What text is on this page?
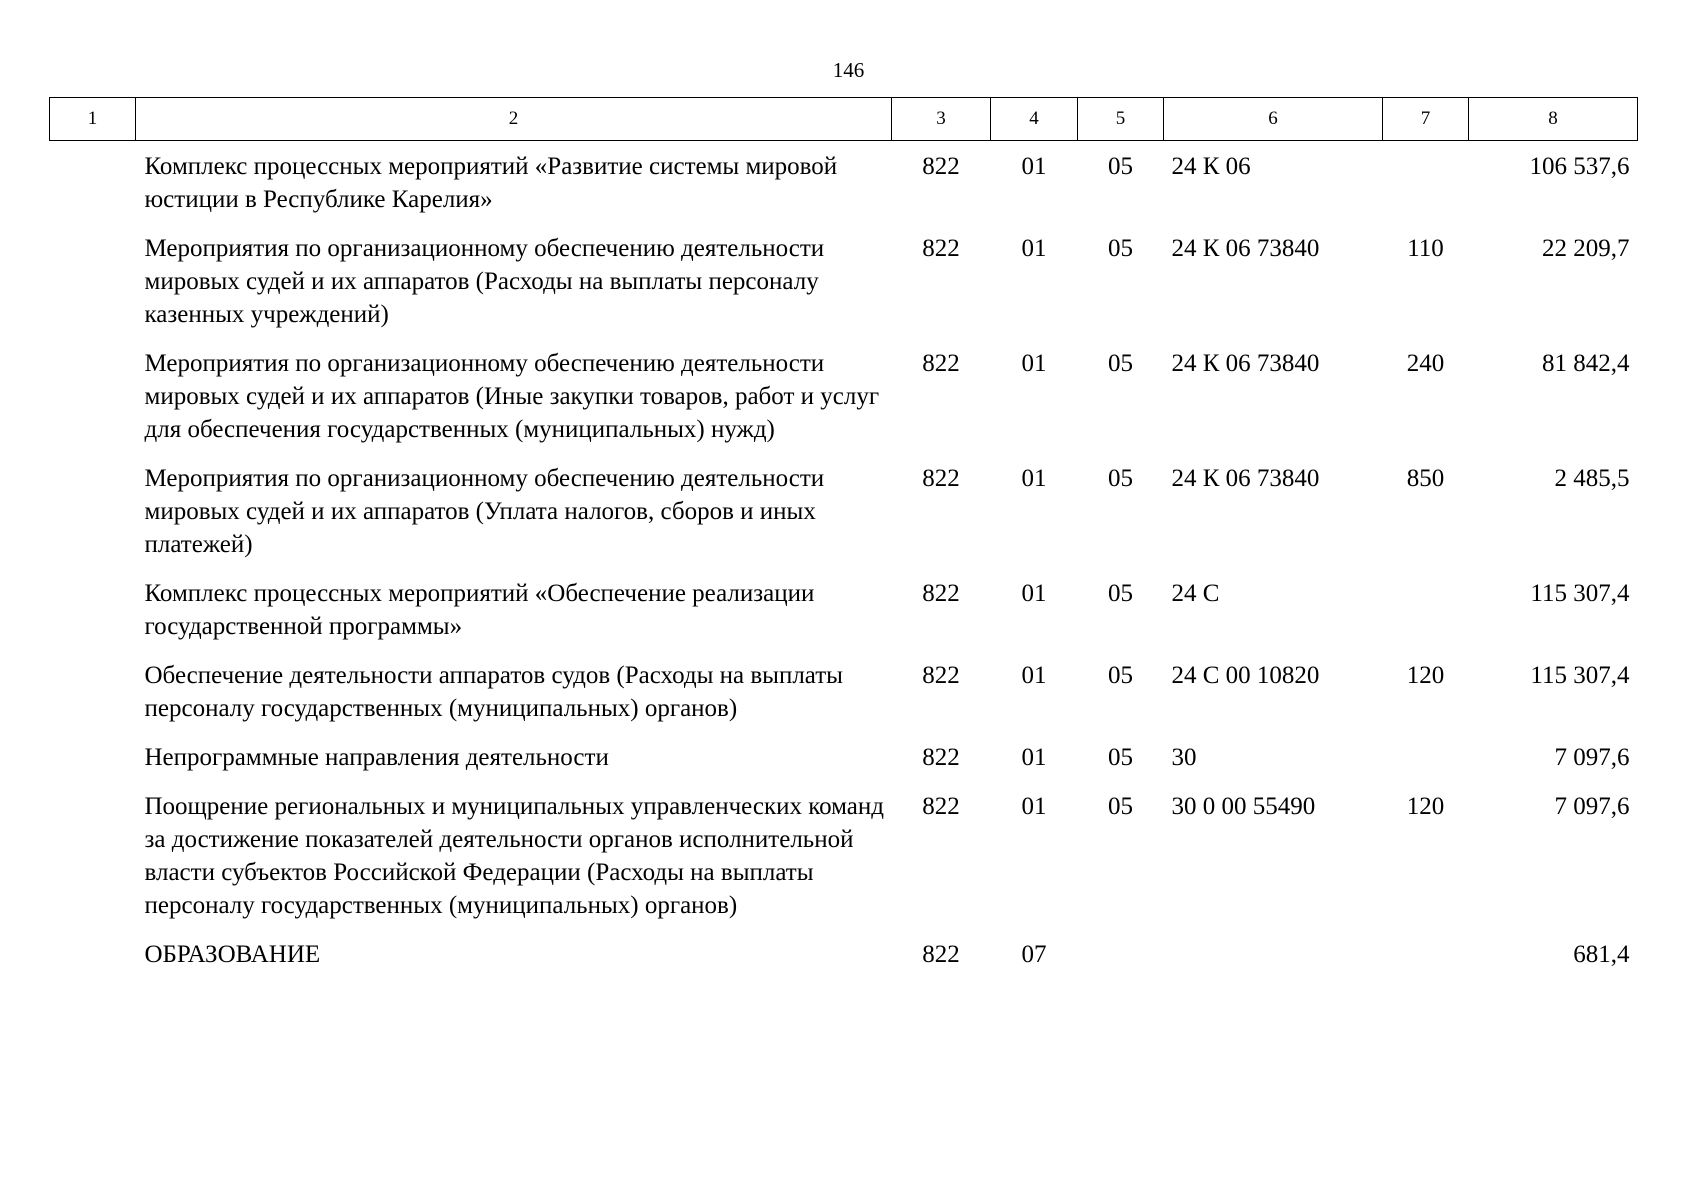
146
1	2	3	4	5	6	7	8

	Комплекс процессных мероприятий «Развитие системы мировой юстиции в Республике Карелия»	822	01	05	24 К 06		106 537,6
	Мероприятия по организационному обеспечению деятельности мировых судей и их аппаратов (Расходы на выплаты персоналу казенных учреждений)	822	01	05	24 К 06 73840	110	22 209,7
	Мероприятия по организационному обеспечению деятельности мировых судей и их аппаратов (Иные закупки товаров, работ и услуг для обеспечения государственных (муниципальных) нужд)	822	01	05	24 К 06 73840	240	81 842,4
	Мероприятия по организационному обеспечению деятельности мировых судей и их аппаратов (Уплата налогов, сборов и иных платежей)	822	01	05	24 К 06 73840	850	2 485,5
	Комплекс процессных мероприятий «Обеспечение реализации государственной программы»	822	01	05	24 С		115 307,4
	Обеспечение деятельности аппаратов судов (Расходы на выплаты персоналу государственных (муниципальных) органов)	822	01	05	24 С 00 10820	120	115 307,4
	Непрограммные направления деятельности	822	01	05	30		7 097,6
	Поощрение региональных и муниципальных управленческих команд за достижение показателей деятельности органов исполнительной власти субъектов Российской Федерации (Расходы на выплаты персоналу государственных (муниципальных) органов)	822	01	05	30 0 00 55490	120	7 097,6
	ОБРАЗОВАНИЕ	822	07				681,4
